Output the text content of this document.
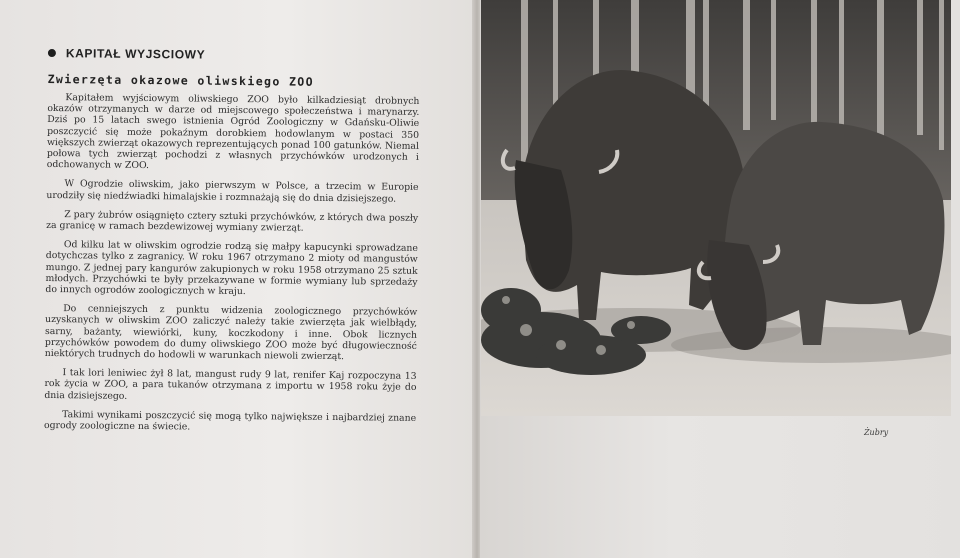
KAPITAŁ WYJSCIOWY

Zwierzęta okazowe oliwskiego ZOO

Kapitałem wyjściowym oliwskiego ZOO było kilkadziesiąt drobnych okazów otrzymanych w darze od miejscowego społeczeństwa i marynarzy. Dziś po 15 latach swego istnienia Ogród Zoologiczny w Gdańsku-Oliwie poszczycić się może pokaźnym dorobkiem hodowlanym w postaci 350 większych zwierząt okazowych reprezentujących ponad 100 gatunków. Niemal połowa tych zwierząt pochodzi z własnych przychówków urodzonych i odchowanych w ZOO.

W Ogrodzie oliwskim, jako pierwszym w Polsce, a trzecim w Europie urodziły się niedźwiadki himalajskie i rozmnażają się do dnia dzisiejszego.

Z pary żubrów osiągnięto cztery sztuki przychówków, z których dwa poszły za granicę w ramach bezdewizowej wymiany zwierząt.

Od kilku lat w oliwskim ogrodzie rodzą się małpy kapucynki sprowadzane dotychczas tylko z zagranicy. W roku 1967 otrzymano 2 mioty od mangustów mungo. Z jednej pary kangurów zakupionych w roku 1958 otrzymano 25 sztuk młodych. Przychówki te były przekazywane w formie wymiany lub sprzedaży do innych ogrodów zoologicznych w kraju.

Do cenniejszych z punktu widzenia zoologicznego przychówków uzyskanych w oliwskim ZOO zaliczyć należy takie zwierzęta jak wielbłądy, sarny, bażanty, wiewiórki, kuny, koczkodony i inne. Obok licznych przychówków powodem do dumy oliwskiego ZOO może być długowieczność niektórych trudnych do hodowli w warunkach niewoli zwierząt.

I tak lori leniwiec żył 8 lat, mangust rudy 9 lat, renifer Kaj rozpoczyna 13 rok życia w ZOO, a para tukanów otrzymana z importu w 1958 roku żyje do dnia dzisiejszego.

Takimi wynikami poszczycić się mogą tylko największe i najbardziej znane ogrody zoologiczne na świecie.	Żubry
